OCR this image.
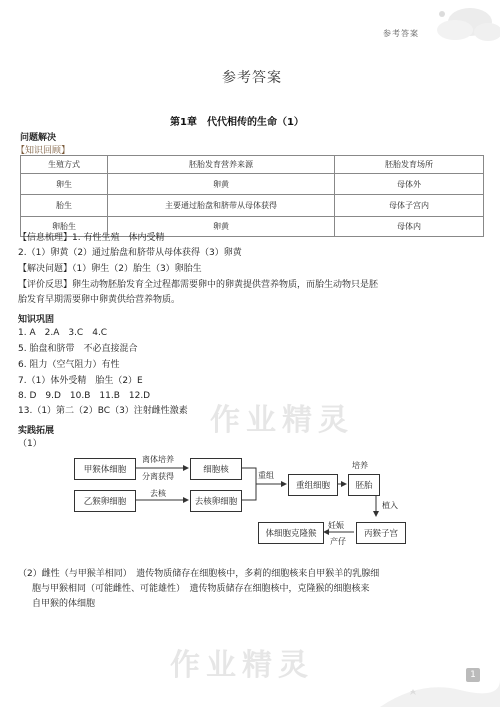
参考答案
参考答案
第1章　代代相传的生命（1）
问题解决
【知识回顾】
生殖方式	胚胎发育营养来源	胚胎发育场所
卵生	卵黄	母体外
胎生	主要通过胎盘和脐带从母体获得	母体子宫内
卵胎生	卵黄	母体内
【信息梳理】1. 有性生殖　体内受精
2.（1）卵黄（2）通过胎盘和脐带从母体获得（3）卵黄
【解决问题】（1）卵生（2）胎生（3）卵胎生
【评价反思】卵生动物胚胎发育全过程都需要卵中的卵黄提供营养物质，而胎生动物只是胚
胎发育早期需要卵中卵黄供给营养物质。
知识巩固
1. A　2.A　3.C　4.C
5. 胎盘和脐带　不必直接混合
6. 阻力（空气阻力）有性
7.（1）体外受精　胎生（2）E
8. D　9.D　10.B　11.B　12.D
13.（1）第二（2）BC（3）注射雌性激素
实践拓展
（1）
甲猴体细胞
乙猴卵细胞
细胞核
去核卵细胞
重组细胞	胚胎
丙猴子宫
体细胞克隆猴
离体培养
分离获得
去核
重组
培养
植入
妊娠
产仔
（2）雌性（与甲猴羊相同）　遗传物质储存在细胞核中，多莉的细胞核来自甲猴羊的乳腺细
胞与甲猴相同（可能雌性、可能雄性）　遗传物质储存在细胞核中，克隆猴的细胞核来
自甲猴的体细胞
作业精灵
作业精灵	1
